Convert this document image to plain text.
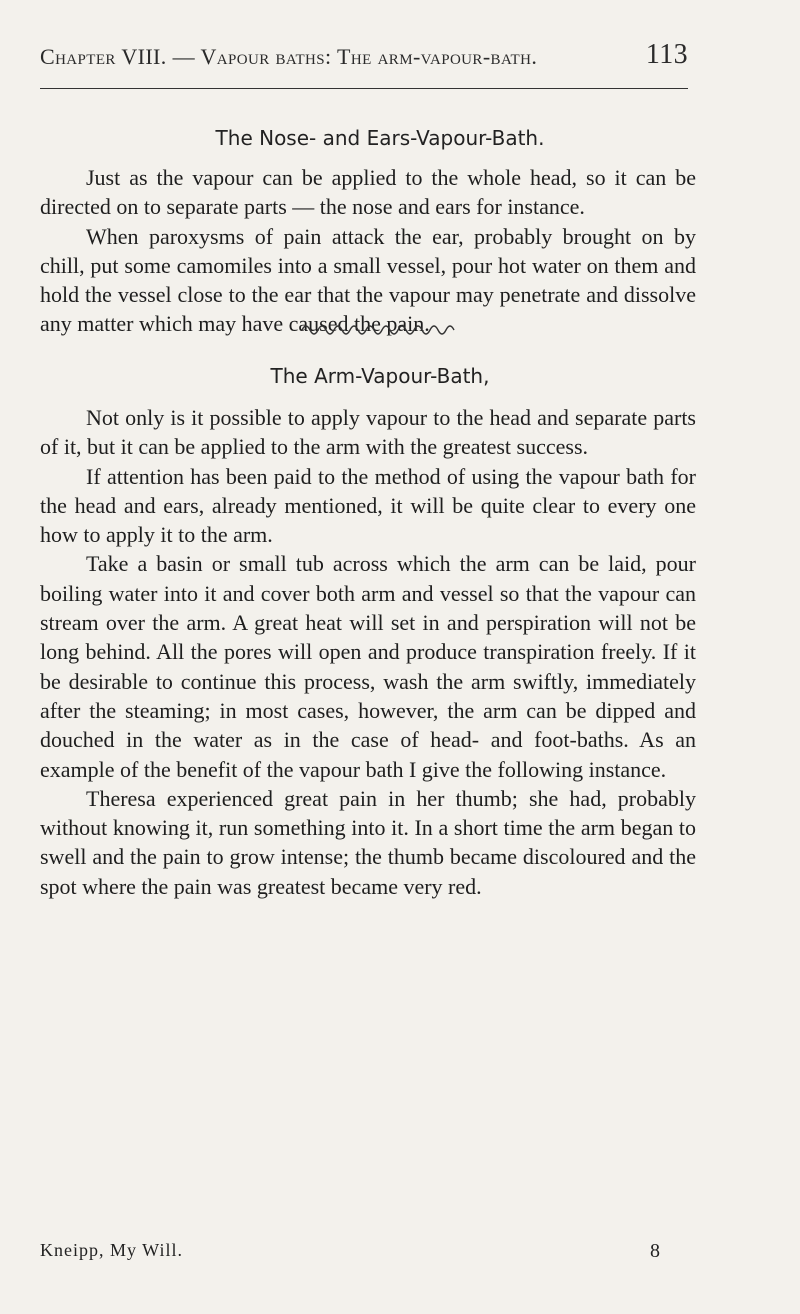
Chapter VIII. — Vapour baths: The arm-vapour-bath.	113
The Nose- and Ears-Vapour-Bath.

Just as the vapour can be applied to the whole head, so it can be directed on to separate parts — the nose and ears for instance.

When paroxysms of pain attack the ear, probably brought on by chill, put some camomiles into a small vessel, pour hot water on them and hold the vessel close to the ear that the vapour may penetrate and dissolve any matter which may have caused the pain.

The Arm-Vapour-Bath,

Not only is it possible to apply vapour to the head and separate parts of it, but it can be applied to the arm with the greatest success.

If attention has been paid to the method of using the vapour bath for the head and ears, already mentioned, it will be quite clear to every one how to apply it to the arm.

Take a basin or small tub across which the arm can be laid, pour boiling water into it and cover both arm and vessel so that the vapour can stream over the arm. A great heat will set in and perspiration will not be long behind. All the pores will open and produce transpiration freely. If it be desirable to continue this process, wash the arm swiftly, immediately after the steaming; in most cases, however, the arm can be dipped and douched in the water as in the case of head- and foot-baths. As an example of the benefit of the vapour bath I give the following instance.

Theresa experienced great pain in her thumb; she had, probably without knowing it, run something into it. In a short time the arm began to swell and the pain to grow intense; the thumb became discoloured and the spot where the pain was greatest became very red.

Kneipp, My Will.	8
